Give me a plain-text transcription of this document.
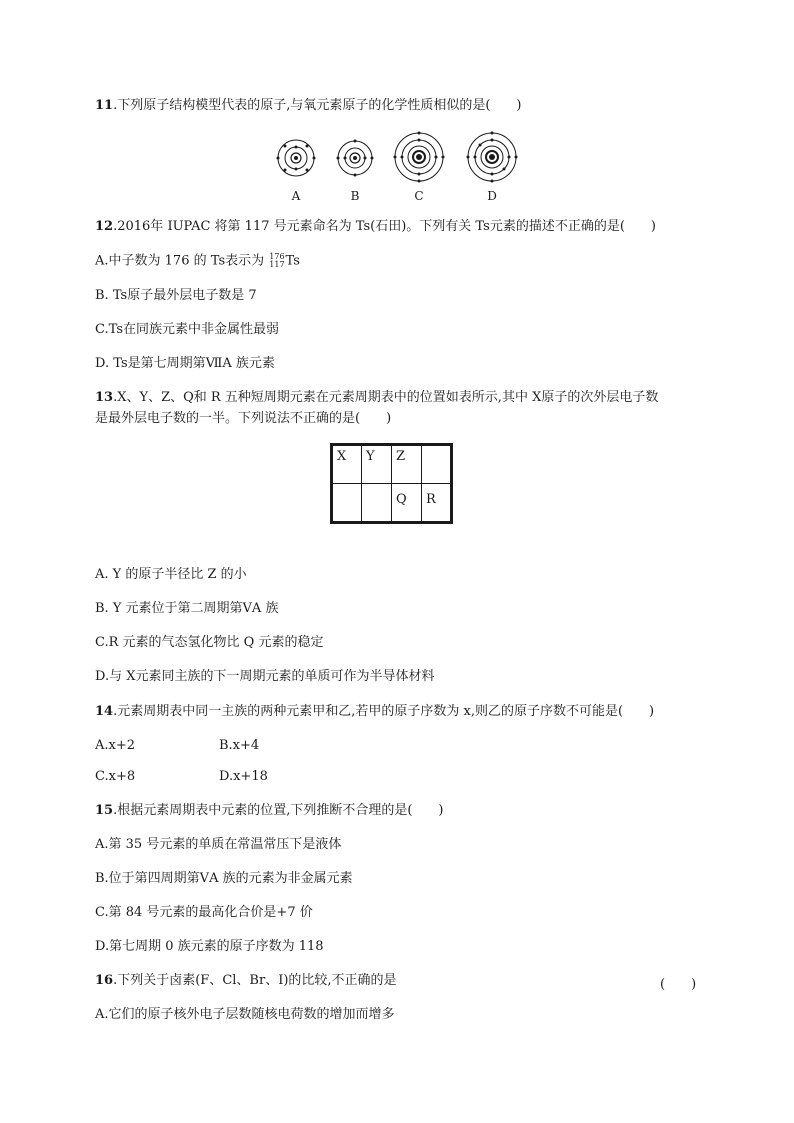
11.下列原子结构模型代表的原子,与氧元素原子的化学性质相似的是(　　)
A	B	C	D
12.2016年 IUPAC 将第 117 号元素命名为 Ts(石田)。下列有关 Ts元素的描述不正确的是(　　)
A.中子数为 176 的 Ts表示为 176
117 Ts
B. Ts原子最外层电子数是 7
C.Ts在同族元素中非金属性最弱
D. Ts是第七周期第ⅦA 族元素
13.X、Y、Z、Q和 R 五种短周期元素在元素周期表中的位置如表所示,其中 X原子的次外层电子数
是最外层电子数的一半。下列说法不正确的是(　　)
X	Y	Z	
		Q	R
A. Y 的原子半径比 Z 的小
B. Y 元素位于第二周期第ⅤA 族
C.R 元素的气态氢化物比 Q 元素的稳定
D.与 X元素同主族的下一周期元素的单质可作为半导体材料
14.元素周期表中同一主族的两种元素甲和乙,若甲的原子序数为 x,则乙的原子序数不可能是(　　)
A.x+2	B.x+4
C.x+8	D.x+18
15.根据元素周期表中元素的位置,下列推断不合理的是(　　)
A.第 35 号元素的单质在常温常压下是液体
B.位于第四周期第ⅤA 族的元素为非金属元素
C.第 84 号元素的最高化合价是+7 价
D.第七周期 0 族元素的原子序数为 118
16.下列关于卤素(F、Cl、Br、I)的比较,不正确的是	(　　)
A.它们的原子核外电子层数随核电荷数的增加而增多
